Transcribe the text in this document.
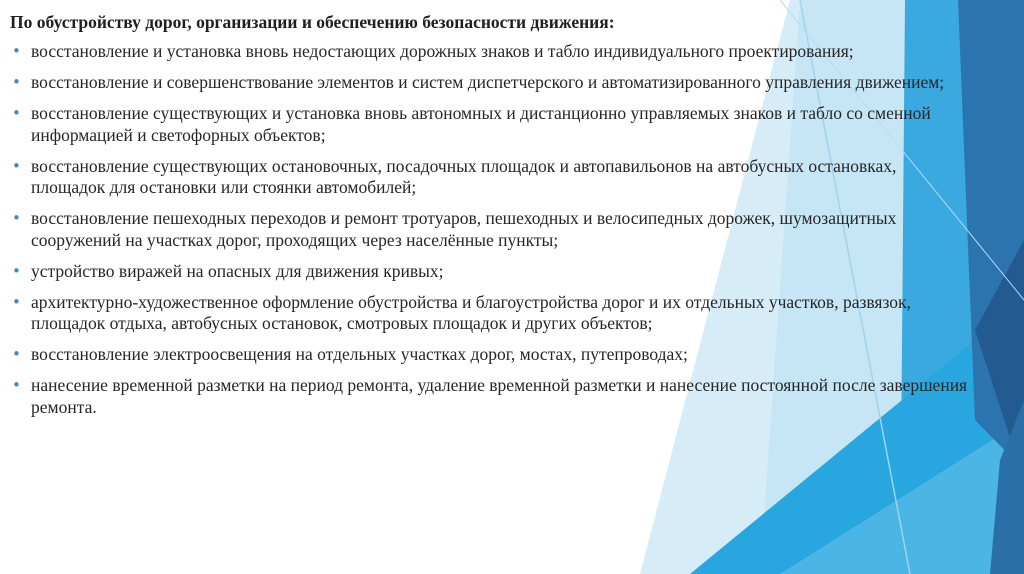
По обустройству дорог, организации и обеспечению безопасности движения:
• восстановление и установка вновь недостающих дорожных знаков и табло индивидуального проектирования;
• восстановление и совершенствование элементов и систем диспетчерского и автоматизированного управления движением;
• восстановление существующих и установка вновь автономных и дистанционно управляемых знаков и табло со сменной информацией и светофорных объектов;
• восстановление существующих остановочных, посадочных площадок и автопавильонов на автобусных остановках, площадок для остановки или стоянки автомобилей;
• восстановление пешеходных переходов и ремонт тротуаров, пешеходных и велосипедных дорожек, шумозащитных сооружений на участках дорог, проходящих через населённые пункты;
• устройство виражей на опасных для движения кривых;
• архитектурно-художественное оформление обустройства и благоустройства дорог и их отдельных участков, развязок, площадок отдыха, автобусных остановок, смотровых площадок и других объектов;
• восстановление электроосвещения на отдельных участках дорог, мостах, путепроводах;
• нанесение временной разметки на период ремонта, удаление временной разметки и нанесение постоянной после завершения ремонта.
